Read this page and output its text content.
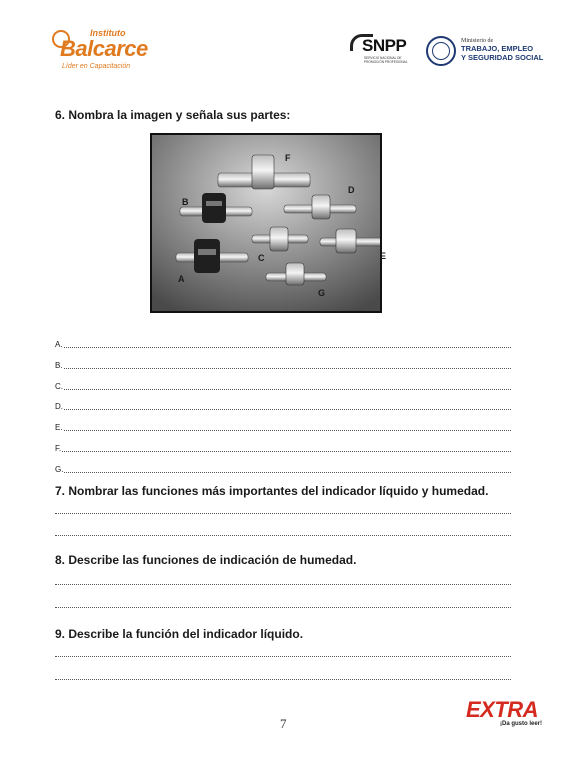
Instituto
Balcarce
Líder en Capacitación
SNPP
SERVICIO NACIONAL DE PROMOCIÓN PROFESIONAL
Ministerio de
TRABAJO, EMPLEO
Y SEGURIDAD SOCIAL
6. Nombra la imagen y señala sus partes:
F
B
D
C	E
A
G
A.
B.
C.
D.
E.
F.
G.
7. Nombrar las funciones más importantes del indicador líquido y humedad.
8. Describe las funciones de indicación de humedad.
9. Describe la función del indicador líquido.
7
EXTRA
¡Da gusto leer!
